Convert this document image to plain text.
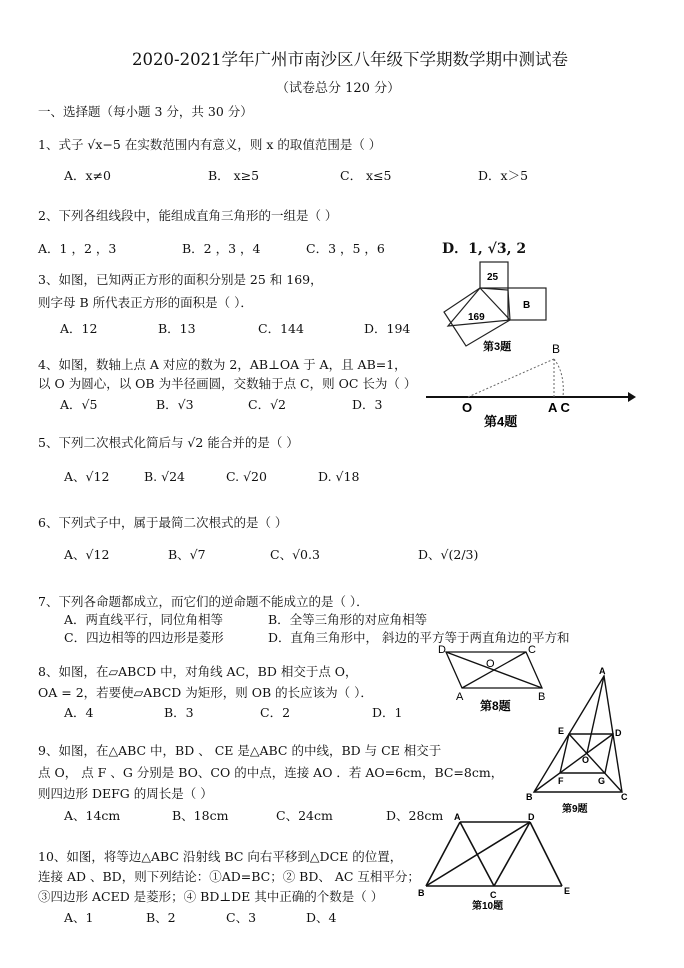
2020-2021学年广州市南沙区八年级下学期数学期中测试卷
（试卷总分 120 分）
一、选择题（每小题 3 分，共 30 分）
1、式子 √x−5 在实数范围内有意义，则 x 的取值范围是（ ）
A．x≠0	B． x≥5	C． x≤5	D．x＞5
2、下列各组线段中，能组成直角三角形的一组是（ ）
A．1 ，2 ，3	B．2 ，3 ，4	C．3 ，5 ，6	D．1, √3, 2
3、如图，已知两正方形的面积分别是 25 和 169，
则字母 B 所代表正方形的面积是（ ）．
A．12	B．13	C．144	D．194
25
169
B
第3题
4、如图，数轴上点 A 对应的数为 2，AB⊥OA 于 A，且 AB=1，
以 O 为圆心，以 OB 为半径画圆，交数轴于点 C，则 OC 长为（ ）
A．√5	B．√3	C．√2	D．3
B
O	A C
第4题
5、下列二次根式化简后与 √2 能合并的是（ ）
A、√12	B. √24	C. √20	D. √18
6、下列式子中，属于最简二次根式的是（ ）
A、√12	B、√7	C、√0.3	D、√(2/3)
7、下列各命题都成立，而它们的逆命题不能成立的是（ ）．
A．两直线平行，同位角相等	B．全等三角形的对应角相等
C．四边相等的四边形是菱形	D．直角三角形中， 斜边的平方等于两直角边的平方和
8、如图，在▱ABCD 中，对角线 AC，BD 相交于点 O，
OA = 2，若要使▱ABCD 为矩形，则 OB 的长应该为（ ）．
A．4	B．3	C．2	D．1
D	C
O
A	B
第8题
9、如图，在△ABC 中，BD 、 CE 是△ABC 的中线，BD 与 CE 相交于
点 O， 点 F 、G 分别是 BO、CO 的中点，连接 AO ．若 AO=6cm，BC=8cm，
则四边形 DEFG 的周长是（ ）
A、14cm	B、18cm	C、24cm	D、28cm
A
E	D
O
F	G
B	C
第9题
10、如图，将等边△ABC 沿射线 BC 向右平移到△DCE 的位置，
连接 AD 、BD，则下列结论：①AD=BC；② BD、 AC 互相平分；
③四边形 ACED 是菱形；④ BD⊥DE 其中正确的个数是（ ）
A、1	B、2	C、3	D、4
A	D
B	C	E
第10题
